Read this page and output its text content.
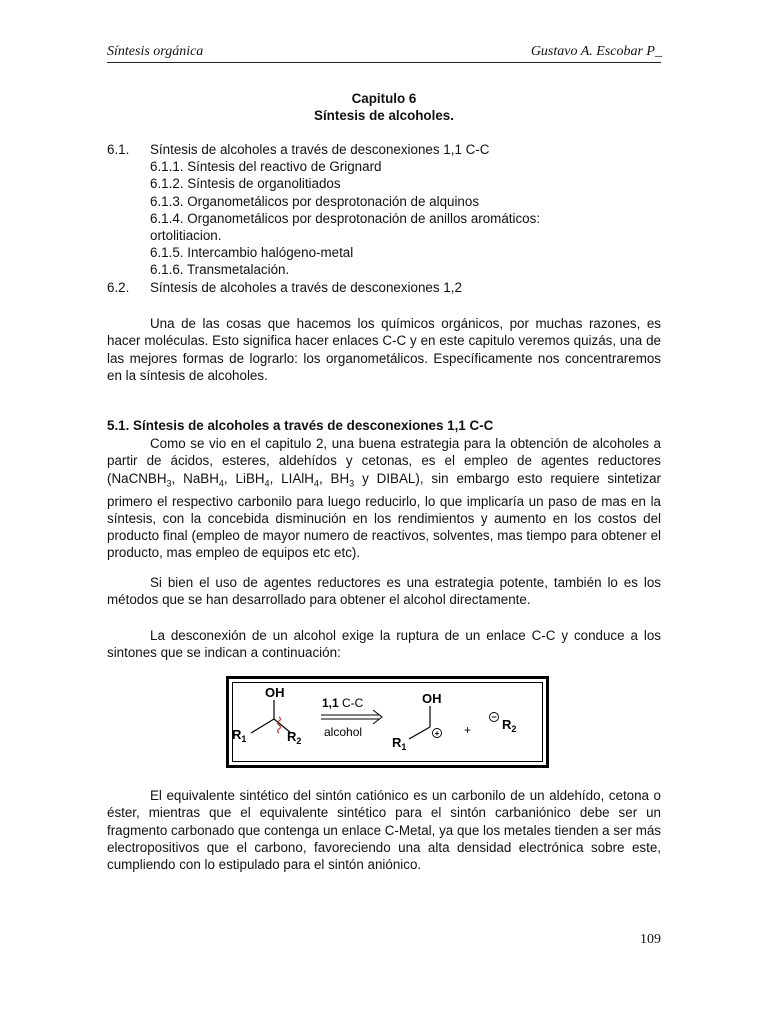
Síntesis orgánica	Gustavo A. Escobar P_
Capitulo 6
Síntesis de alcoholes.
6.1. Síntesis de alcoholes a través de desconexiones 1,1 C-C
6.1.1. Síntesis del reactivo de Grignard
6.1.2. Síntesis de organolitiados
6.1.3. Organometálicos por desprotonación de alquinos
6.1.4. Organometálicos por desprotonación de anillos aromáticos:
ortolitiacion.
6.1.5. Intercambio halógeno-metal
6.1.6. Transmetalación.
6.2. Síntesis de alcoholes a través de desconexiones 1,2
Una de las cosas que hacemos los químicos orgánicos, por muchas razones, es hacer moléculas. Esto significa hacer enlaces C-C y en este capitulo veremos quizás, una de las mejores formas de lograrlo: los organometálicos. Específicamente nos concentraremos en la síntesis de alcoholes.
5.1. Síntesis de alcoholes a través de desconexiones 1,1 C-C
Como se vio en el capitulo 2, una buena estrategia para la obtención de alcoholes a partir de ácidos, esteres, aldehídos y cetonas, es el empleo de agentes reductores (NaCNBH$_3$, NaBH$_4$, LiBH$_4$, LIAlH$_4$, $BH_3$ y DIBAL), sin embargo esto requiere sintetizar primero el respectivo carbonilo para luego reducirlo, lo que implicaría un paso de mas en la síntesis, con la concebida disminución en los rendimientos y aumento en los costos del producto final (empleo de mayor numero de reactivos, solventes, mas tiempo para obtener el producto, mas empleo de equipos etc etc).
Si bien el uso de agentes reductores es una estrategia potente, también lo es los métodos que se han desarrollado para obtener el alcohol directamente.
La desconexión de un alcohol exige la ruptura de un enlace C-C y conduce a los sintones que se indican a continuación:
OH
$R_1$	$R_2$
1,1 C-C
alcohol
OH
$R_1$
+ +
− $R_2$
El equivalente sintético del sintón catiónico es un carbonilo de un aldehído, cetona o éster, mientras que el equivalente sintético para el sintón carbaniónico debe ser un fragmento carbonado que contenga un enlace C-Metal, ya que los metales tienden a ser más electropositivos que el carbono, favoreciendo una alta densidad electrónica sobre este, cumpliendo con lo estipulado para el sintón aniónico.
109
